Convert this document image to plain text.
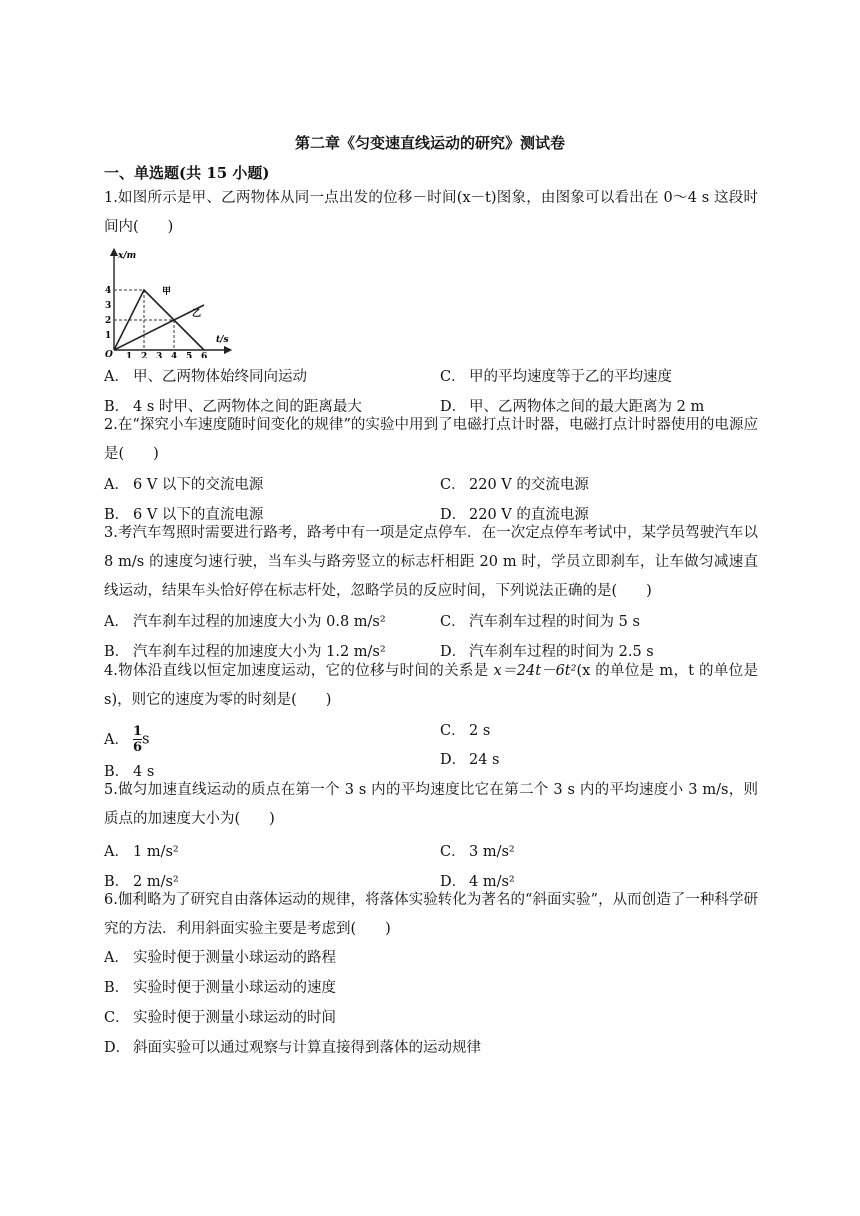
第二章《匀变速直线运动的研究》测试卷
一、单选题(共 15 小题)
1.如图所示是甲、乙两物体从同一点出发的位移－时间(x－t)图象，由图象可以看出在 0～4 s 这段时间内(　　)
x/m
t/s
O
1
2
3
4
1 2 3 4 5 6
甲
乙
A． 甲、乙两物体始终同向运动	C． 甲的平均速度等于乙的平均速度
B． 4 s 时甲、乙两物体之间的距离最大	D． 甲、乙两物体之间的最大距离为 2 m
2.在“探究小车速度随时间变化的规律”的实验中用到了电磁打点计时器，电磁打点计时器使用的电源应是(　　)
A． 6 V 以下的交流电源	C． 220 V 的交流电源
B． 6 V 以下的直流电源	D． 220 V 的直流电源
3.考汽车驾照时需要进行路考，路考中有一项是定点停车．在一次定点停车考试中，某学员驾驶汽车以 8 m/s 的速度匀速行驶，当车头与路旁竖立的标志杆相距 20 m 时，学员立即刹车，让车做匀减速直线运动，结果车头恰好停在标志杆处，忽略学员的反应时间，下列说法正确的是(　　)
A． 汽车刹车过程的加速度大小为 0.8 m/s²	C． 汽车刹车过程的时间为 5 s
B． 汽车刹车过程的加速度大小为 1.2 m/s²	D． 汽车刹车过程的时间为 2.5 s
4.物体沿直线以恒定加速度运动，它的位移与时间的关系是 x＝24t－6t²(x 的单位是 m，t 的单位是 s)，则它的速度为零的时刻是(　　)
A． $\frac{1}{6}$ s
C． 2 s
D． 24 s
B． 4 s
5.做匀加速直线运动的质点在第一个 3 s 内的平均速度比它在第二个 3 s 内的平均速度小 3 m/s，则质点的加速度大小为(　　)
A． 1 m/s²	C． 3 m/s²
B． 2 m/s²	D． 4 m/s²
6.伽利略为了研究自由落体运动的规律，将落体实验转化为著名的“斜面实验”，从而创造了一种科学研究的方法．利用斜面实验主要是考虑到(　　)
A． 实验时便于测量小球运动的路程
B． 实验时便于测量小球运动的速度
C． 实验时便于测量小球运动的时间
D． 斜面实验可以通过观察与计算直接得到落体的运动规律
